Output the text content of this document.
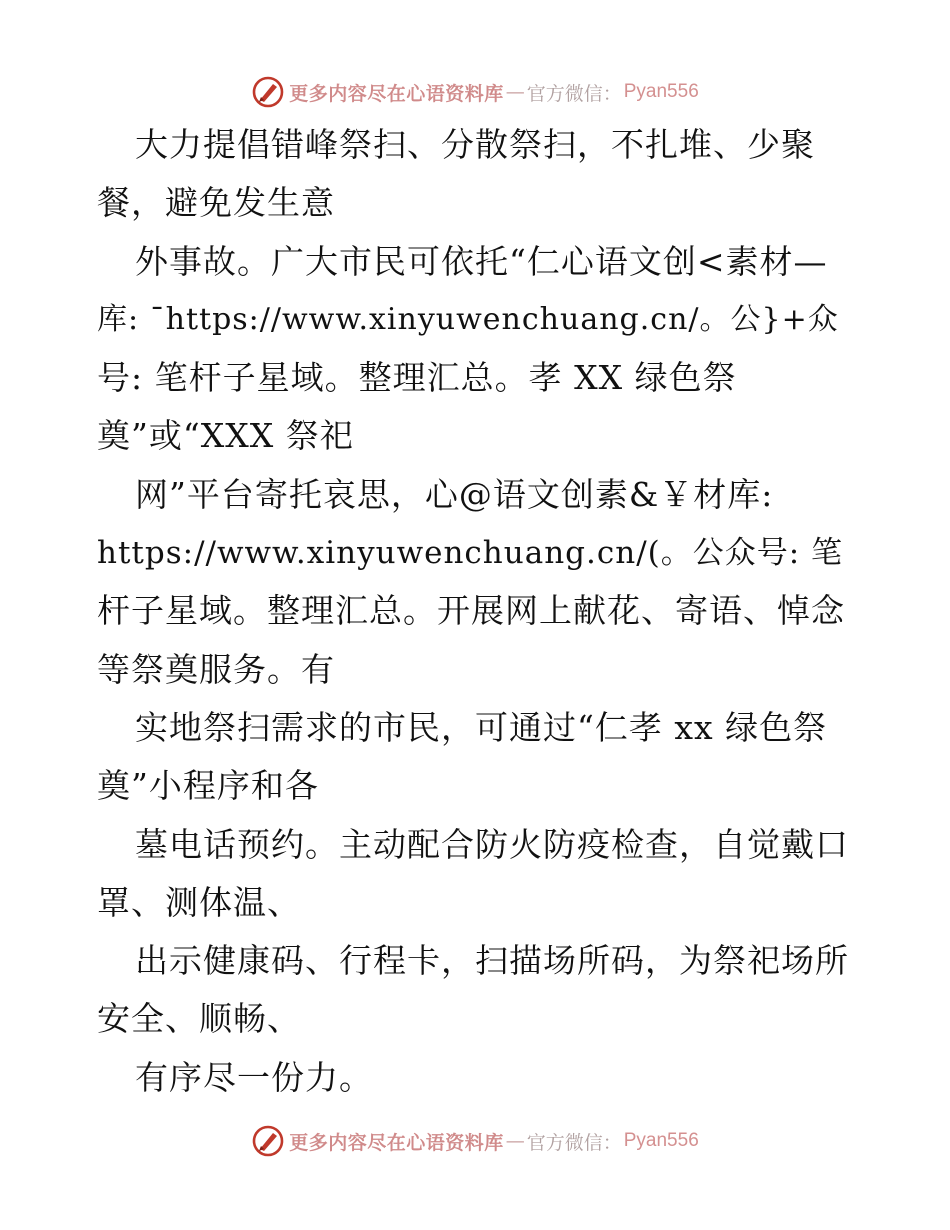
更多内容尽在心语资料库 — 官方微信： Pyan556
大力提倡错峰祭扫、分散祭扫，不扎堆、少聚
餐，避免发生意
外事故。广大市民可依托“仁心语文创<素材—
库: ¯https://www.xinyuwenchuang.cn/。公}+众
号: 笔杆子星域。整理汇总。孝 XX 绿色祭
奠”或“XXX 祭祀
网”平台寄托哀思，心@语文创素&￥材库:
https://www.xinyuwenchuang.cn/(。公众号: 笔
杆子星域。整理汇总。开展网上献花、寄语、悼念
等祭奠服务。有
实地祭扫需求的市民，可通过“仁孝 xx 绿色祭
奠”小程序和各
墓电话预约。主动配合防火防疫检查，自觉戴口
罩、测体温、
出示健康码、行程卡，扫描场所码，为祭祀场所
安全、顺畅、
有序尽一份力。
更多内容尽在心语资料库 — 官方微信： Pyan556
